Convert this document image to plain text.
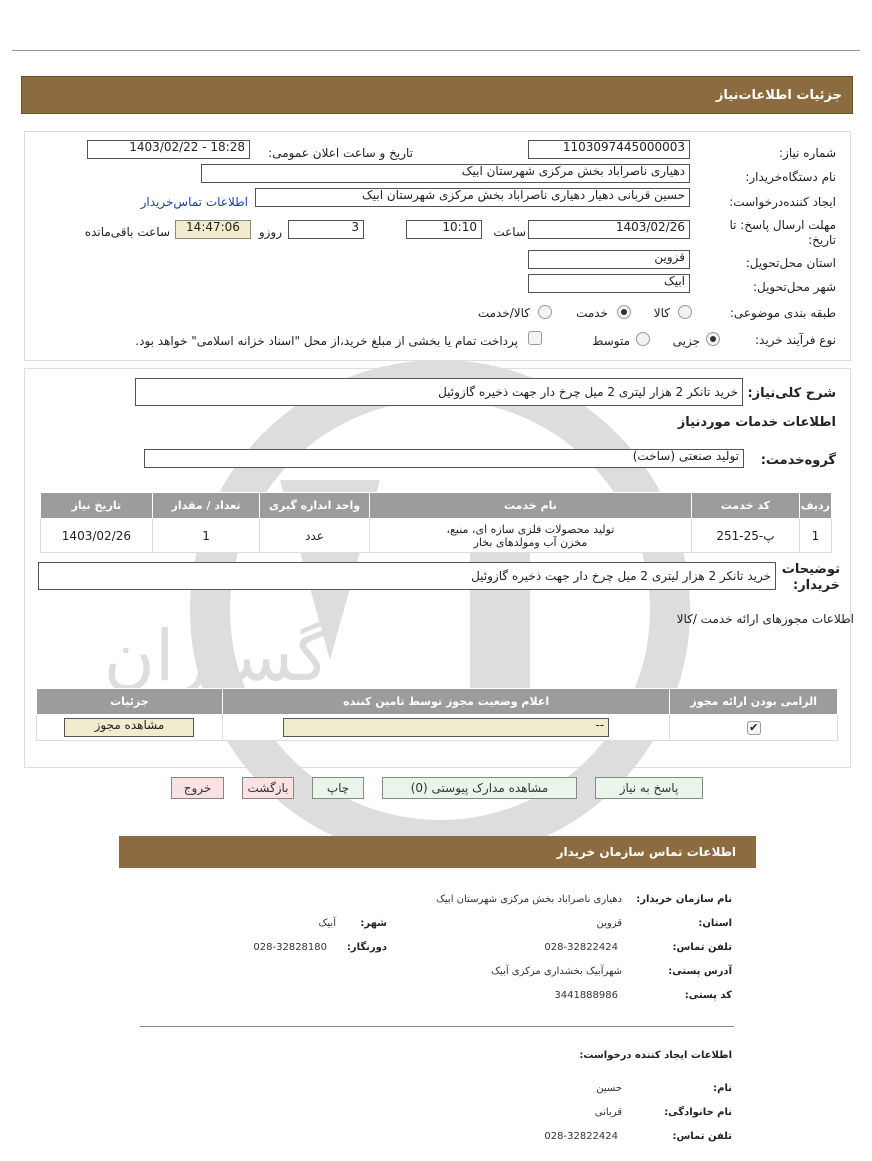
جزئیات اطلاعات‌نیاز
گستران
شماره نیاز:
1103097445000003
تاریخ و ساعت اعلان عمومی:
1403/02/22 - 18:28
نام دستگاه‌خریدار:
دهیاری ناصراباد بخش مرکزی شهرستان ابیک
ایجاد کننده‌درخواست:
حسین قربانی دهیار دهیاری ناصراباد بخش مرکزی شهرستان ابیک
اطلاعات تماس‌خریدار
مهلت ارسال پاسخ: تا
تاریخ:
1403/02/26
ساعت
10:10
3
روزو
14:47:06
ساعت باقی‌مانده
استان محل‌تحویل:
قزوین
شهر محل‌تحویل:
ابیک
طبقه بندی موضوعی:
کالا
خدمت
کالا/خدمت
نوع فرآیند خرید:
جزیی
متوسط
پرداخت تمام یا بخشی از مبلغ خرید،از محل "اسناد خزانه اسلامی" خواهد بود.
شرح کلی‌نیاز:
خرید تانکر 2 هزار لیتری 2 میل چرخ دار جهت ذخیره گازوئیل
اطلاعات خدمات موردنیاز
گروه‌خدمت:
تولید صنعتی (ساخت)
ردیف	کد خدمت	نام خدمت	واحد اندازه گیری	تعداد / مقدار	تاریخ نیاز
1	پ-25-251	تولید محصولات فلزی سازه ای، منبع،
مخزن آب ومولدهای بخار	عدد	1	1403/02/26
توضیحات
خریدار:
خرید تانکر 2 هزار لیتری 2 میل چرخ دار جهت ذخیره گازوئیل
اطلاعات مجوزهای ارائه خدمت /کالا
الزامی بودن ارائه مجوز	اعلام وضعیت مجوز توسط تامین کننده	جزئیات
✔	--	مشاهده مجوز
پاسخ به نیاز
مشاهده مدارک پیوستی (0)
چاپ
بازگشت
خروج
اطلاعات تماس سازمان خریدار
نام سازمان خریدار:
دهیاری ناصراباد بخش مرکزی شهرستان ابیک
استان:
قزوین
شهر:
آبیک
تلفن تماس:
028-32822424
دورنگار:
028-32828180
آدرس پستی:
شهرآبیک بخشداری مرکزی آبیک
کد پستی:
3441888986
اطلاعات ایجاد کننده درخواست:
نام:
حسین
نام خانوادگی:
قربانی
تلفن تماس:
028-32822424
